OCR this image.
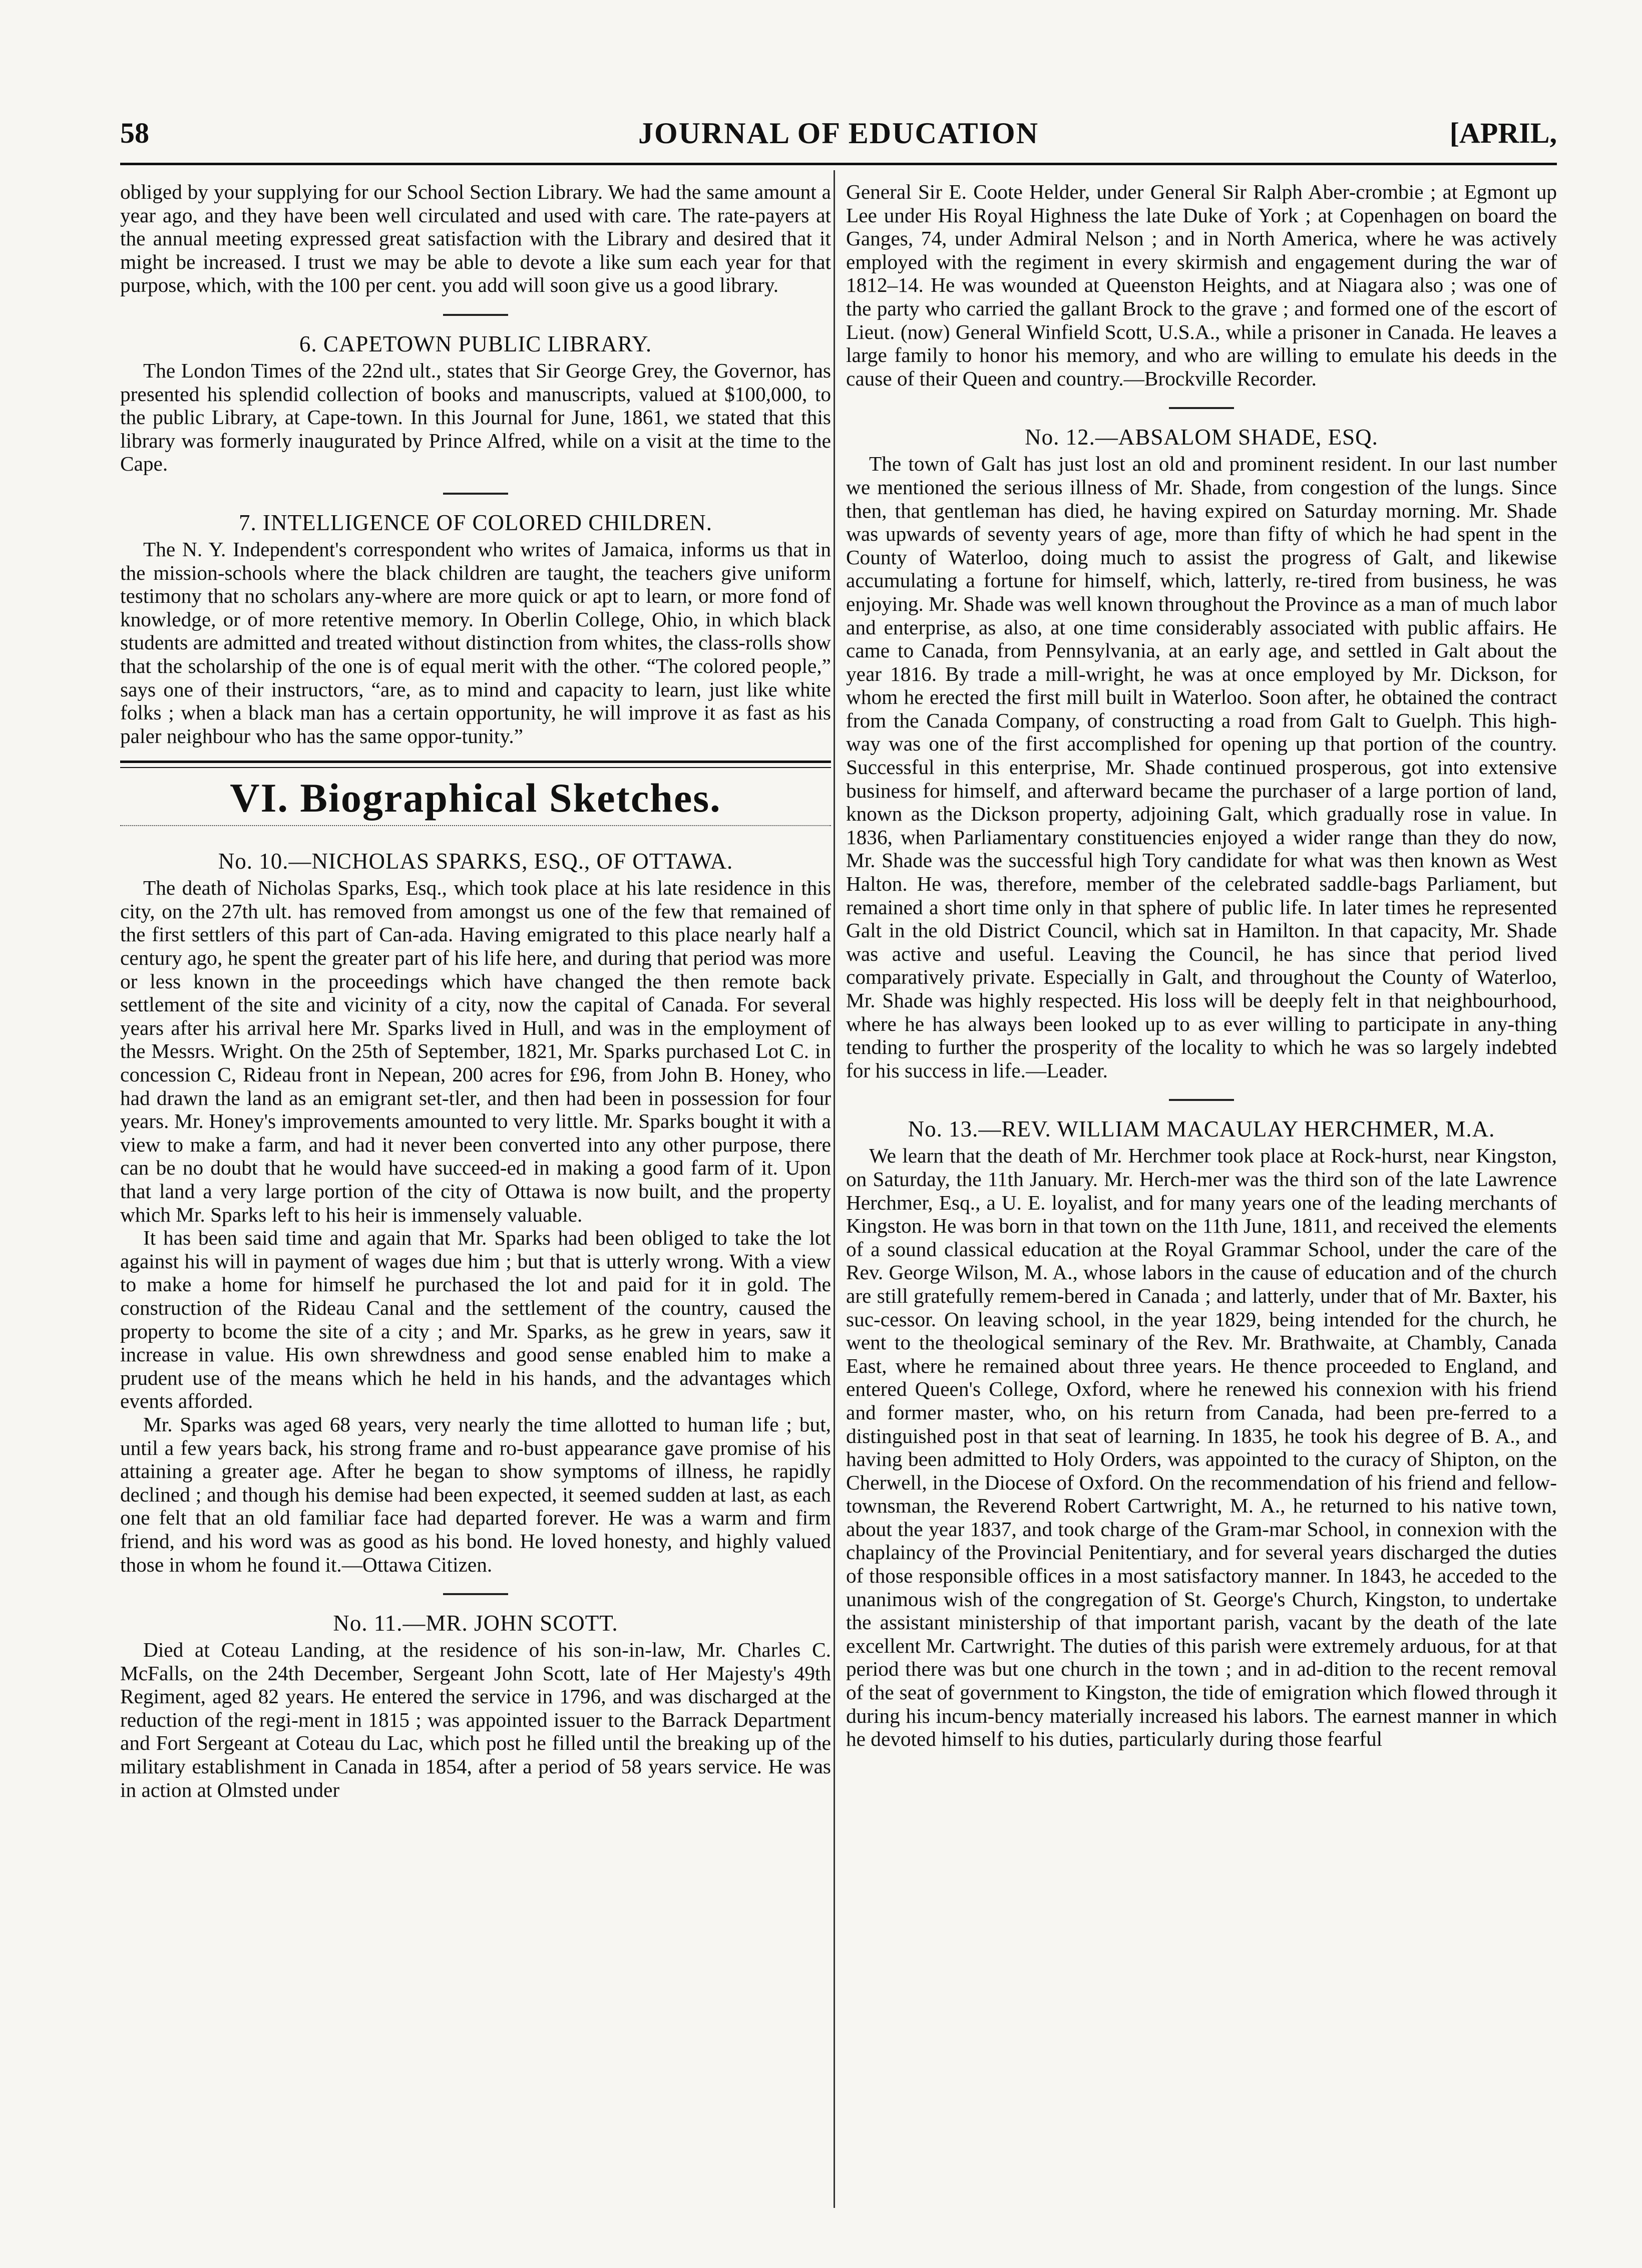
58	JOURNAL OF EDUCATION	[APRIL,

obliged by your supplying for our School Section Library. We had the same amount a year ago, and they have been well circulated and used with care. The rate-payers at the annual meeting expressed great satisfaction with the Library and desired that it might be increased. I trust we may be able to devote a like sum each year for that purpose, which, with the 100 per cent. you add will soon give us a good library.

6. CAPETOWN PUBLIC LIBRARY.

The London Times of the 22nd ult., states that Sir George Grey, the Governor, has presented his splendid collection of books and manuscripts, valued at $100,000, to the public Library, at Cape-town. In this Journal for June, 1861, we stated that this library was formerly inaugurated by Prince Alfred, while on a visit at the time to the Cape.

7. INTELLIGENCE OF COLORED CHILDREN.

The N. Y. Independent's correspondent who writes of Jamaica, informs us that in the mission-schools where the black children are taught, the teachers give uniform testimony that no scholars any-where are more quick or apt to learn, or more fond of knowledge, or of more retentive memory. In Oberlin College, Ohio, in which black students are admitted and treated without distinction from whites, the class-rolls show that the scholarship of the one is of equal merit with the other. “The colored people,” says one of their instructors, “are, as to mind and capacity to learn, just like white folks ; when a black man has a certain opportunity, he will improve it as fast as his paler neighbour who has the same oppor-tunity.”

VI. Biographical Sketches.
No. 10.—NICHOLAS SPARKS, ESQ., OF OTTAWA.

The death of Nicholas Sparks, Esq., which took place at his late residence in this city, on the 27th ult. has removed from amongst us one of the few that remained of the first settlers of this part of Can-ada. Having emigrated to this place nearly half a century ago, he spent the greater part of his life here, and during that period was more or less known in the proceedings which have changed the then remote back settlement of the site and vicinity of a city, now the capital of Canada. For several years after his arrival here Mr. Sparks lived in Hull, and was in the employment of the Messrs. Wright. On the 25th of September, 1821, Mr. Sparks purchased Lot C. in concession C, Rideau front in Nepean, 200 acres for £96, from John B. Honey, who had drawn the land as an emigrant set-tler, and then had been in possession for four years. Mr. Honey's improvements amounted to very little. Mr. Sparks bought it with a view to make a farm, and had it never been converted into any other purpose, there can be no doubt that he would have succeed-ed in making a good farm of it. Upon that land a very large portion of the city of Ottawa is now built, and the property which Mr. Sparks left to his heir is immensely valuable.

It has been said time and again that Mr. Sparks had been obliged to take the lot against his will in payment of wages due him ; but that is utterly wrong. With a view to make a home for himself he purchased the lot and paid for it in gold. The construction of the Rideau Canal and the settlement of the country, caused the property to bcome the site of a city ; and Mr. Sparks, as he grew in years, saw it increase in value. His own shrewdness and good sense enabled him to make a prudent use of the means which he held in his hands, and the advantages which events afforded.

Mr. Sparks was aged 68 years, very nearly the time allotted to human life ; but, until a few years back, his strong frame and ro-bust appearance gave promise of his attaining a greater age. After he began to show symptoms of illness, he rapidly declined ; and though his demise had been expected, it seemed sudden at last, as each one felt that an old familiar face had departed forever. He was a warm and firm friend, and his word was as good as his bond. He loved honesty, and highly valued those in whom he found it.—Ottawa Citizen.

No. 11.—MR. JOHN SCOTT.

Died at Coteau Landing, at the residence of his son-in-law, Mr. Charles C. McFalls, on the 24th December, Sergeant John Scott, late of Her Majesty's 49th Regiment, aged 82 years. He entered the service in 1796, and was discharged at the reduction of the regi-ment in 1815 ; was appointed issuer to the Barrack Department and Fort Sergeant at Coteau du Lac, which post he filled until the breaking up of the military establishment in Canada in 1854, after a period of 58 years service. He was in action at Olmsted under

General Sir E. Coote Helder, under General Sir Ralph Aber-crombie ; at Egmont up Lee under His Royal Highness the late Duke of York ; at Copenhagen on board the Ganges, 74, under Admiral Nelson ; and in North America, where he was actively employed with the regiment in every skirmish and engagement during the war of 1812–14. He was wounded at Queenston Heights, and at Niagara also ; was one of the party who carried the gallant Brock to the grave ; and formed one of the escort of Lieut. (now) General Winfield Scott, U.S.A., while a prisoner in Canada. He leaves a large family to honor his memory, and who are willing to emulate his deeds in the cause of their Queen and country.—Brockville Recorder.

No. 12.—ABSALOM SHADE, ESQ.

The town of Galt has just lost an old and prominent resident. In our last number we mentioned the serious illness of Mr. Shade, from congestion of the lungs. Since then, that gentleman has died, he having expired on Saturday morning. Mr. Shade was upwards of seventy years of age, more than fifty of which he had spent in the County of Waterloo, doing much to assist the progress of Galt, and likewise accumulating a fortune for himself, which, latterly, re-tired from business, he was enjoying. Mr. Shade was well known throughout the Province as a man of much labor and enterprise, as also, at one time considerably associated with public affairs. He came to Canada, from Pennsylvania, at an early age, and settled in Galt about the year 1816. By trade a mill-wright, he was at once employed by Mr. Dickson, for whom he erected the first mill built in Waterloo. Soon after, he obtained the contract from the Canada Company, of constructing a road from Galt to Guelph. This high-way was one of the first accomplished for opening up that portion of the country. Successful in this enterprise, Mr. Shade continued prosperous, got into extensive business for himself, and afterward became the purchaser of a large portion of land, known as the Dickson property, adjoining Galt, which gradually rose in value. In 1836, when Parliamentary constituencies enjoyed a wider range than they do now, Mr. Shade was the successful high Tory candidate for what was then known as West Halton. He was, therefore, member of the celebrated saddle-bags Parliament, but remained a short time only in that sphere of public life. In later times he represented Galt in the old District Council, which sat in Hamilton. In that capacity, Mr. Shade was active and useful. Leaving the Council, he has since that period lived comparatively private. Especially in Galt, and throughout the County of Waterloo, Mr. Shade was highly respected. His loss will be deeply felt in that neighbourhood, where he has always been looked up to as ever willing to participate in any-thing tending to further the prosperity of the locality to which he was so largely indebted for his success in life.—Leader.

No. 13.—REV. WILLIAM MACAULAY HERCHMER, M.A.

We learn that the death of Mr. Herchmer took place at Rock-hurst, near Kingston, on Saturday, the 11th January. Mr. Herch-mer was the third son of the late Lawrence Herchmer, Esq., a U. E. loyalist, and for many years one of the leading merchants of Kingston. He was born in that town on the 11th June, 1811, and received the elements of a sound classical education at the Royal Grammar School, under the care of the Rev. George Wilson, M. A., whose labors in the cause of education and of the church are still gratefully remem-bered in Canada ; and latterly, under that of Mr. Baxter, his suc-cessor. On leaving school, in the year 1829, being intended for the church, he went to the theological seminary of the Rev. Mr. Brathwaite, at Chambly, Canada East, where he remained about three years. He thence proceeded to England, and entered Queen's College, Oxford, where he renewed his connexion with his friend and former master, who, on his return from Canada, had been pre-ferred to a distinguished post in that seat of learning. In 1835, he took his degree of B. A., and having been admitted to Holy Orders, was appointed to the curacy of Shipton, on the Cherwell, in the Diocese of Oxford. On the recommendation of his friend and fellow-townsman, the Reverend Robert Cartwright, M. A., he returned to his native town, about the year 1837, and took charge of the Gram-mar School, in connexion with the chaplaincy of the Provincial Penitentiary, and for several years discharged the duties of those responsible offices in a most satisfactory manner. In 1843, he acceded to the unanimous wish of the congregation of St. George's Church, Kingston, to undertake the assistant ministership of that important parish, vacant by the death of the late excellent Mr. Cartwright. The duties of this parish were extremely arduous, for at that period there was but one church in the town ; and in ad-dition to the recent removal of the seat of government to Kingston, the tide of emigration which flowed through it during his incum-bency materially increased his labors. The earnest manner in which he devoted himself to his duties, particularly during those fearful
